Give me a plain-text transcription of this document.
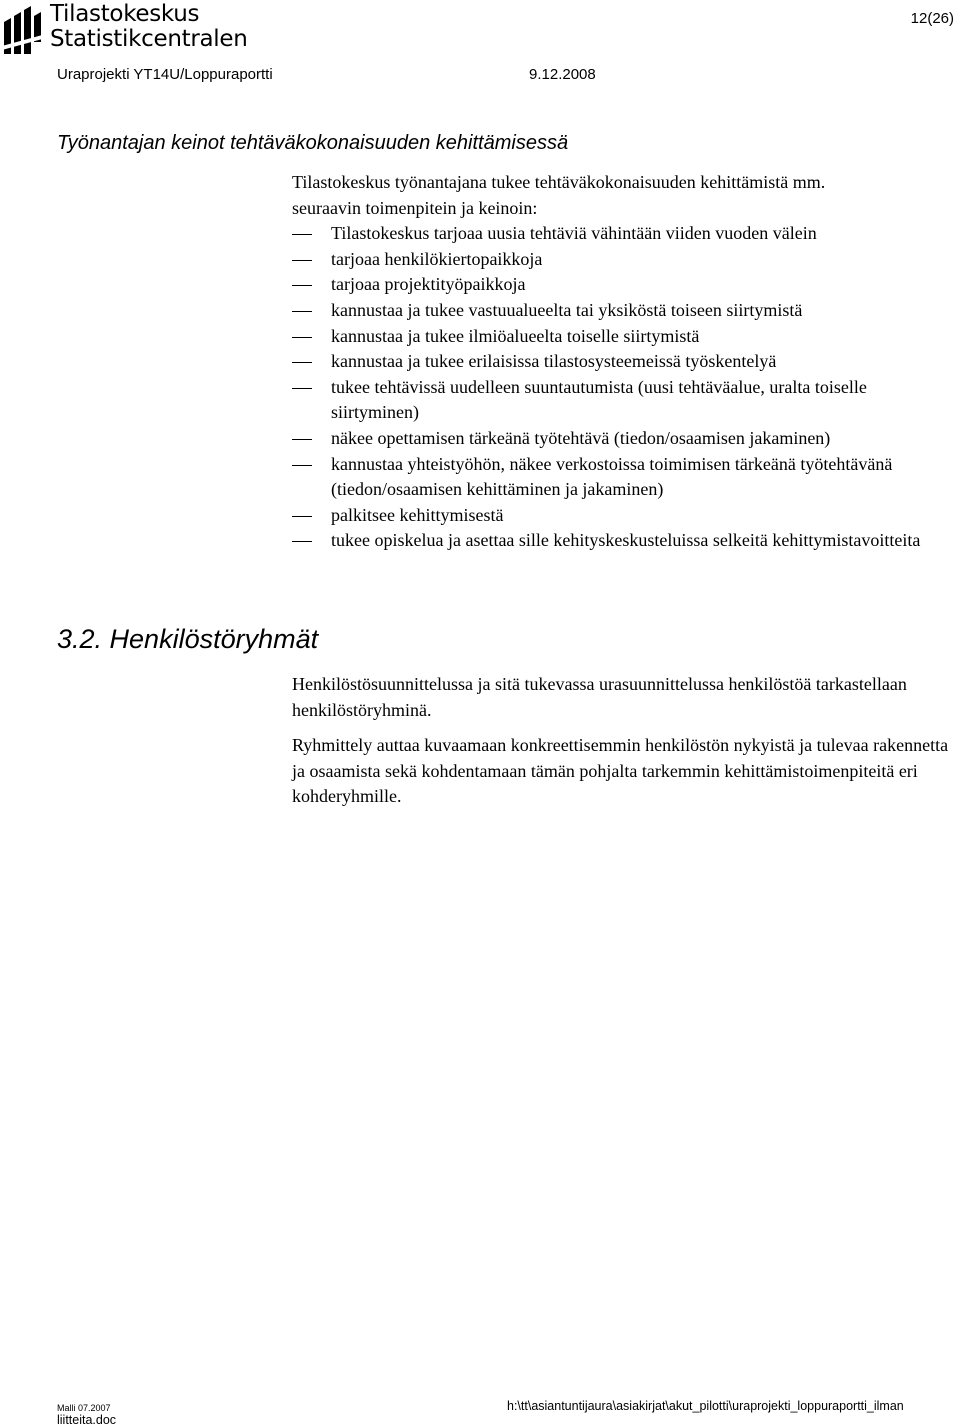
Tilastokeskus
Statistikcentralen
12(26)
Uraprojekti YT14U/Loppuraportti	9.12.2008
Työnantajan keinot tehtäväkokonaisuuden kehittämisessä

Tilastokeskus työnantajana tukee tehtäväkokonaisuuden kehittämistä mm.

seuraavin toimenpitein ja keinoin:

Tilastokeskus tarjoaa uusia tehtäviä vähintään viiden vuoden välein
tarjoaa henkilökiertopaikkoja
tarjoaa projektityöpaikkoja
kannustaa ja tukee vastuualueelta tai yksiköstä toiseen siirtymistä
kannustaa ja tukee ilmiöalueelta toiselle siirtymistä
kannustaa ja tukee erilaisissa tilastosysteemeissä työskentelyä
tukee tehtävissä uudelleen suuntautumista (uusi tehtäväalue, uralta toiselle siirtyminen)
näkee opettamisen tärkeänä työtehtävä (tiedon/osaamisen jakaminen)
kannustaa yhteistyöhön, näkee verkostoissa toimimisen tärkeänä työtehtävänä (tiedon/osaamisen kehittäminen ja jakaminen)
palkitsee kehittymisestä
tukee opiskelua ja asettaa sille kehityskeskusteluissa selkeitä kehittymistavoitteita
3.2. Henkilöstöryhmät

Henkilöstösuunnittelussa ja sitä tukevassa urasuunnittelussa henkilöstöä tarkastellaan henkilöstöryhminä.

Ryhmittely auttaa kuvaamaan konkreettisemmin henkilöstön nykyistä ja tulevaa rakennetta ja osaamista sekä kohdentamaan tämän pohjalta tarkemmin kehittämistoimenpiteitä eri kohderyhmille.

Malli 07.2007	h:\tt\asiantuntijaura\asiakirjat\akut_pilotti\uraprojekti_loppuraportti_ilman
liitteita.doc
